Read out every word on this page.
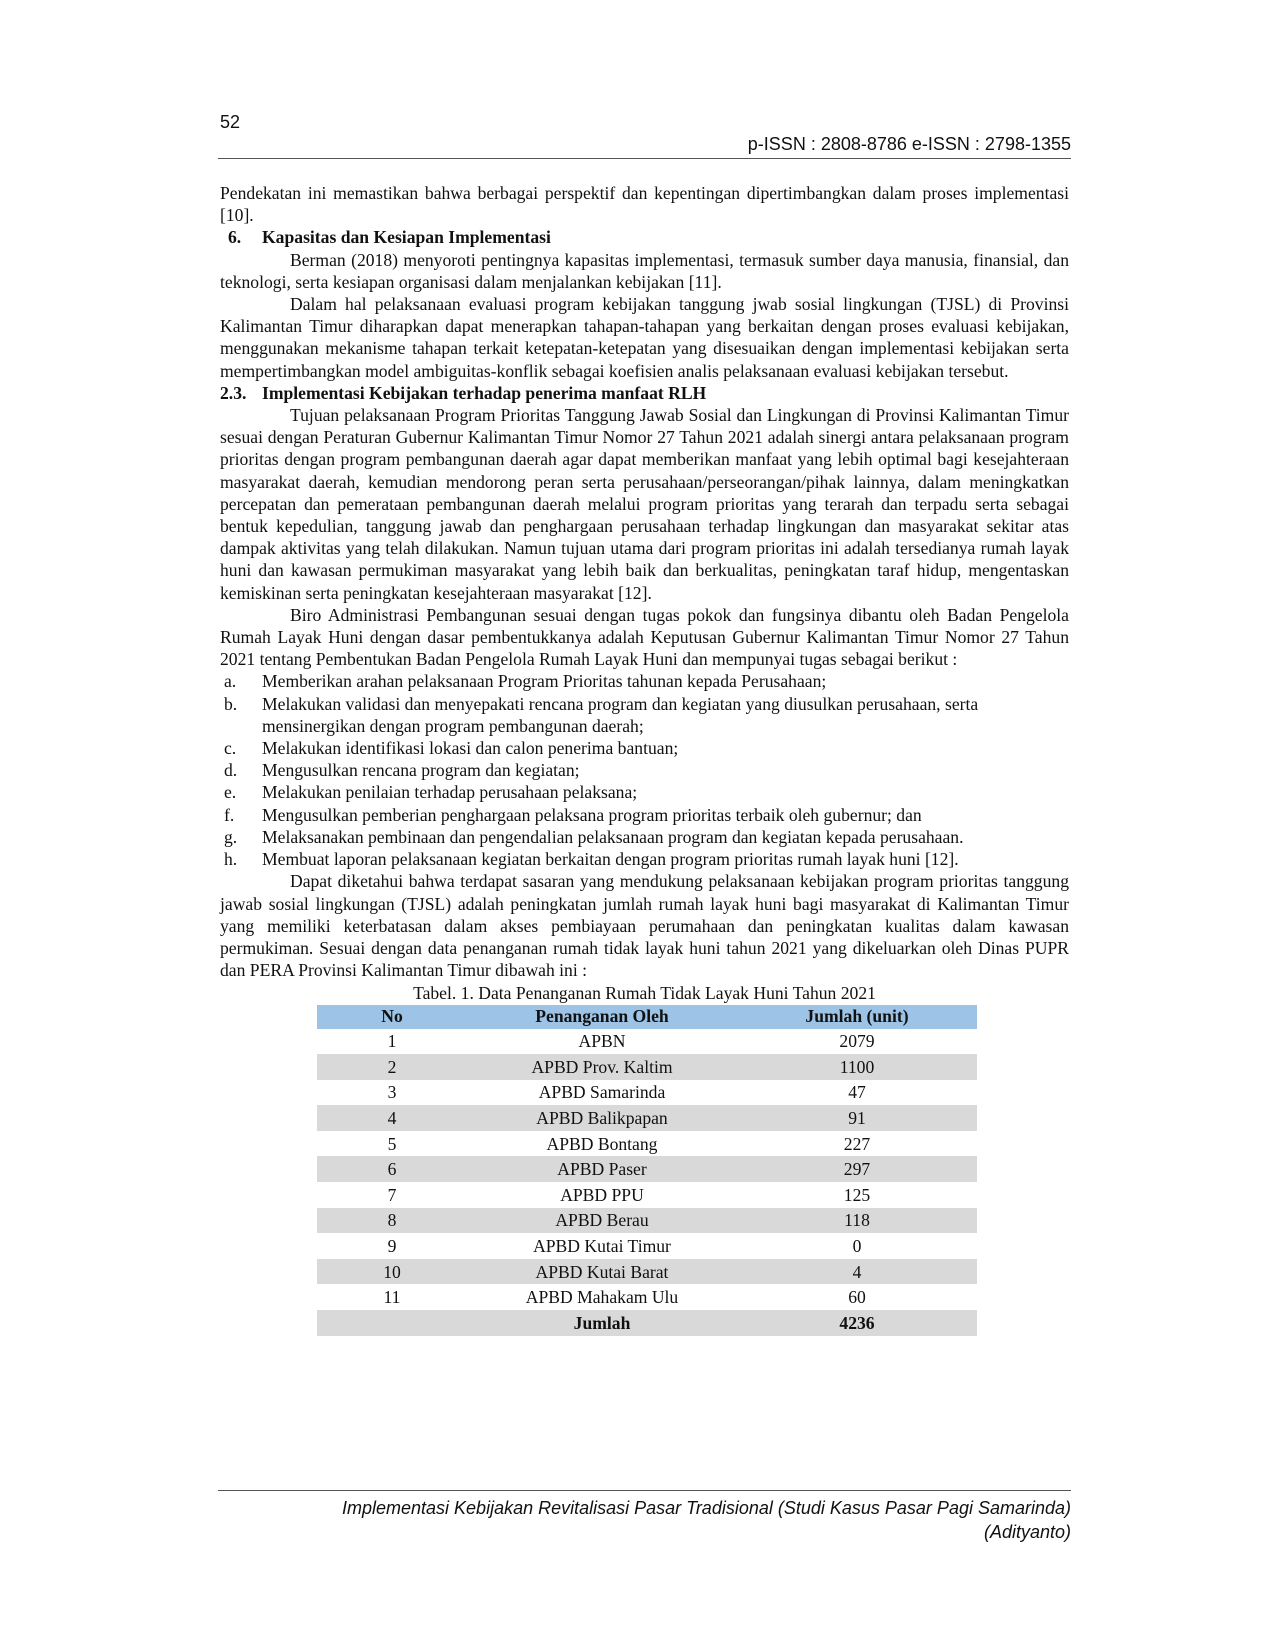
52
p-ISSN : 2808-8786 e-ISSN : 2798-1355

Pendekatan ini memastikan bahwa berbagai perspektif dan kepentingan dipertimbangkan dalam proses implementasi [10].

6.	Kapasitas dan Kesiapan Implementasi

Berman (2018) menyoroti pentingnya kapasitas implementasi, termasuk sumber daya manusia, finansial, dan teknologi, serta kesiapan organisasi dalam menjalankan kebijakan [11].

Dalam hal pelaksanaan evaluasi program kebijakan tanggung jwab sosial lingkungan (TJSL) di Provinsi Kalimantan Timur diharapkan dapat menerapkan tahapan-tahapan yang berkaitan dengan proses evaluasi kebijakan, menggunakan mekanisme tahapan terkait ketepatan-ketepatan yang disesuaikan dengan implementasi kebijakan serta mempertimbangkan model ambiguitas-konflik sebagai koefisien analis pelaksanaan evaluasi kebijakan tersebut.

2.3. Implementasi Kebijakan terhadap penerima manfaat RLH

Tujuan pelaksanaan Program Prioritas Tanggung Jawab Sosial dan Lingkungan di Provinsi Kalimantan Timur sesuai dengan Peraturan Gubernur Kalimantan Timur Nomor 27 Tahun 2021 adalah sinergi antara pelaksanaan program prioritas dengan program pembangunan daerah agar dapat memberikan manfaat yang lebih optimal bagi kesejahteraan masyarakat daerah, kemudian mendorong peran serta perusahaan/perseorangan/pihak lainnya, dalam meningkatkan percepatan dan pemerataan pembangunan daerah melalui program prioritas yang terarah dan terpadu serta sebagai bentuk kepedulian, tanggung jawab dan penghargaan perusahaan terhadap lingkungan dan masyarakat sekitar atas dampak aktivitas yang telah dilakukan. Namun tujuan utama dari program prioritas ini adalah tersedianya rumah layak huni dan kawasan permukiman masyarakat yang lebih baik dan berkualitas, peningkatan taraf hidup, mengentaskan kemiskinan serta peningkatan kesejahteraan masyarakat [12].

Biro Administrasi Pembangunan sesuai dengan tugas pokok dan fungsinya dibantu oleh Badan Pengelola Rumah Layak Huni dengan dasar pembentukkanya adalah Keputusan Gubernur Kalimantan Timur Nomor 27 Tahun 2021 tentang Pembentukan Badan Pengelola Rumah Layak Huni dan mempunyai tugas sebagai berikut :

a.	Memberikan arahan pelaksanaan Program Prioritas tahunan kepada Perusahaan;
b.	Melakukan validasi dan menyepakati rencana program dan kegiatan yang diusulkan perusahaan, serta mensinergikan dengan program pembangunan daerah;
c.	Melakukan identifikasi lokasi dan calon penerima bantuan;
d.	Mengusulkan rencana program dan kegiatan;
e.	Melakukan penilaian terhadap perusahaan pelaksana;
f.	Mengusulkan pemberian penghargaan pelaksana program prioritas terbaik oleh gubernur; dan
g.	Melaksanakan pembinaan dan pengendalian pelaksanaan program dan kegiatan kepada perusahaan.
h.	Membuat laporan pelaksanaan kegiatan berkaitan dengan program prioritas rumah layak huni [12].

Dapat diketahui bahwa terdapat sasaran yang mendukung pelaksanaan kebijakan program prioritas tanggung jawab sosial lingkungan (TJSL) adalah peningkatan jumlah rumah layak huni bagi masyarakat di Kalimantan Timur yang memiliki keterbatasan dalam akses pembiayaan perumahaan dan peningkatan kualitas dalam kawasan permukiman. Sesuai dengan data penanganan rumah tidak layak huni tahun 2021 yang dikeluarkan oleh Dinas PUPR dan PERA Provinsi Kalimantan Timur dibawah ini :

Tabel. 1. Data Penanganan Rumah Tidak Layak Huni Tahun 2021
No	Penanganan Oleh	Jumlah (unit)
1	APBN	2079
2	APBD Prov. Kaltim	1100
3	APBD Samarinda	47
4	APBD Balikpapan	91
5	APBD Bontang	227
6	APBD Paser	297
7	APBD PPU	125
8	APBD Berau	118
9	APBD Kutai Timur	0
10	APBD Kutai Barat	4
11	APBD Mahakam Ulu	60
	Jumlah	4236
Implementasi Kebijakan Revitalisasi Pasar Tradisional (Studi Kasus Pasar Pagi Samarinda)
(Adityanto)
